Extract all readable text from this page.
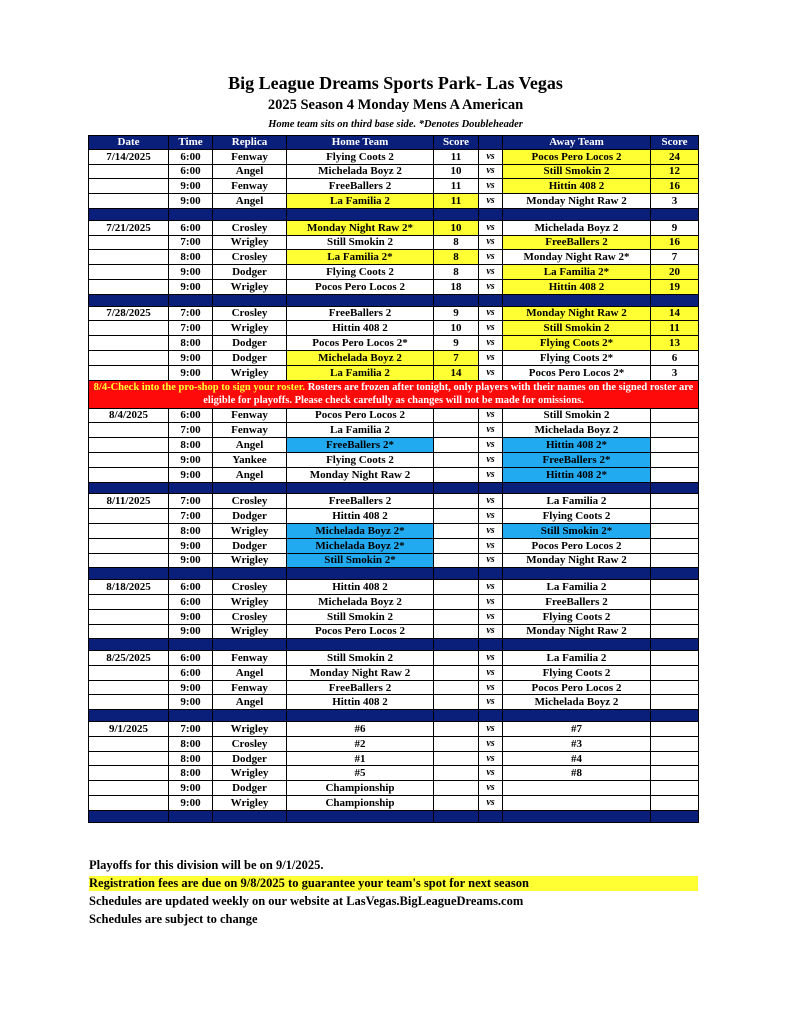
Big League Dreams Sports Park- Las Vegas
2025 Season 4 Monday Mens A American
Home team sits on third base side. *Denotes Doubleheader
Date	Time	Replica	Home Team	Score		Away Team	Score
7/14/2025	6:00	Fenway	Flying Coots 2	11	vs	Pocos Pero Locos 2	24
	6:00	Angel	Michelada Boyz 2	10	vs	Still Smokin 2	12
	9:00	Fenway	FreeBallers 2	11	vs	Hittin 408 2	16
	9:00	Angel	La Familia 2	11	vs	Monday Night Raw 2	3

7/21/2025	6:00	Crosley	Monday Night Raw 2*	10	vs	Michelada Boyz 2	9
	7:00	Wrigley	Still Smokin 2	8	vs	FreeBallers 2	16
	8:00	Crosley	La Familia 2*	8	vs	Monday Night Raw 2*	7
	9:00	Dodger	Flying Coots 2	8	vs	La Familia 2*	20
	9:00	Wrigley	Pocos Pero Locos 2	18	vs	Hittin 408 2	19

7/28/2025	7:00	Crosley	FreeBallers 2	9	vs	Monday Night Raw 2	14
	7:00	Wrigley	Hittin 408 2	10	vs	Still Smokin 2	11
	8:00	Dodger	Pocos Pero Locos 2*	9	vs	Flying Coots 2*	13
	9:00	Dodger	Michelada Boyz 2	7	vs	Flying Coots 2*	6
	9:00	Wrigley	La Familia 2	14	vs	Pocos Pero Locos 2*	3
8/4-Check into the pro-shop to sign your roster. Rosters are frozen after tonight, only players with their names on the signed roster are eligible for playoffs. Please check carefully as changes will not be made for omissions.							
8/4/2025	6:00	Fenway	Pocos Pero Locos 2		vs	Still Smokin 2	
	7:00	Fenway	La Familia 2		vs	Michelada Boyz 2	
	8:00	Angel	FreeBallers 2*		vs	Hittin 408 2*	
	9:00	Yankee	Flying Coots 2		vs	FreeBallers 2*	
	9:00	Angel	Monday Night Raw 2		vs	Hittin 408 2*	

8/11/2025	7:00	Crosley	FreeBallers 2		vs	La Familia 2	
	7:00	Dodger	Hittin 408 2		vs	Flying Coots 2	
	8:00	Wrigley	Michelada Boyz 2*		vs	Still Smokin 2*	
	9:00	Dodger	Michelada Boyz 2*		vs	Pocos Pero Locos 2	
	9:00	Wrigley	Still Smokin 2*		vs	Monday Night Raw 2	

8/18/2025	6:00	Crosley	Hittin 408 2		vs	La Familia 2	
	6:00	Wrigley	Michelada Boyz 2		vs	FreeBallers 2	
	9:00	Crosley	Still Smokin 2		vs	Flying Coots 2	
	9:00	Wrigley	Pocos Pero Locos 2		vs	Monday Night Raw 2	

8/25/2025	6:00	Fenway	Still Smokin 2		vs	La Familia 2	
	6:00	Angel	Monday Night Raw 2		vs	Flying Coots 2	
	9:00	Fenway	FreeBallers 2		vs	Pocos Pero Locos 2	
	9:00	Angel	Hittin 408 2		vs	Michelada Boyz 2	

9/1/2025	7:00	Wrigley	#6		vs	#7	
	8:00	Crosley	#2		vs	#3	
	8:00	Dodger	#1		vs	#4	
	8:00	Wrigley	#5		vs	#8	
	9:00	Dodger	Championship		vs		
	9:00	Wrigley	Championship		vs		

Playoffs for this division will be on 9/1/2025.
Registration fees are due on 9/8/2025 to guarantee your team's spot for next season
Schedules are updated weekly on our website at LasVegas.BigLeagueDreams.com
Schedules are subject to change
